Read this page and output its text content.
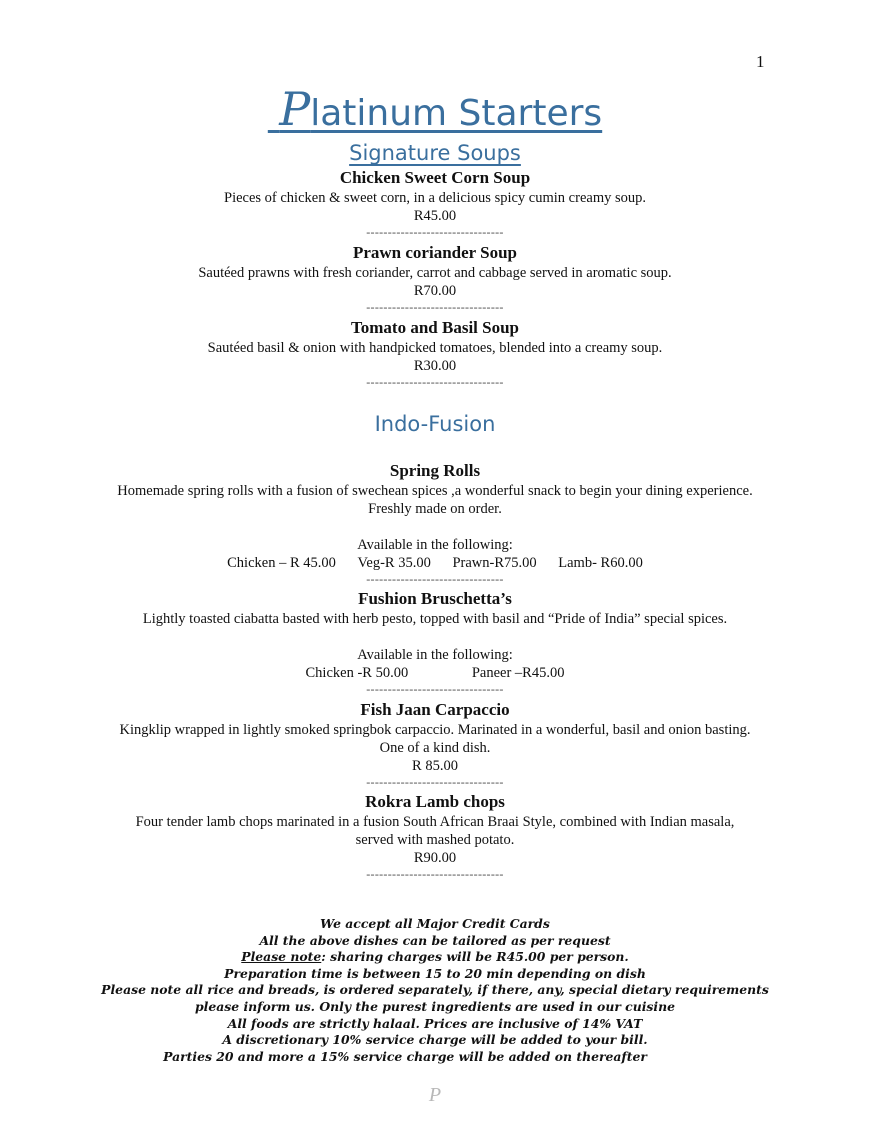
1
Platinum Starters
Signature Soups
Chicken Sweet Corn Soup
Pieces of chicken & sweet corn, in a delicious spicy cumin creamy soup.
R45.00
--------------------------------
Prawn coriander Soup
Sautéed prawns with fresh coriander, carrot and cabbage served in aromatic soup.
R70.00
--------------------------------
Tomato and Basil Soup
Sautéed basil & onion with handpicked tomatoes, blended into a creamy soup.
R30.00
--------------------------------
Indo-Fusion
Spring Rolls
Homemade spring rolls with a fusion of swechean spices ,a wonderful snack to begin your dining experience.
Freshly made on order.
Available in the following:
Chicken – R 45.00 Veg-R 35.00 Prawn-R75.00 Lamb- R60.00
--------------------------------
Fushion Bruschetta’s
Lightly toasted ciabatta basted with herb pesto, topped with basil and “Pride of India” special spices.
Available in the following:
Chicken -R 50.00	Paneer –R45.00
--------------------------------
Fish Jaan Carpaccio
Kingklip wrapped in lightly smoked springbok carpaccio. Marinated in a wonderful, basil and onion basting.
One of a kind dish.
R 85.00
--------------------------------
Rokra Lamb chops
Four tender lamb chops marinated in a fusion South African Braai Style, combined with Indian masala,
served with mashed potato.
R90.00
--------------------------------
We accept all Major Credit Cards
All the above dishes can be tailored as per request
Please note: sharing charges will be R45.00 per person.
Preparation time is between 15 to 20 min depending on dish
Please note all rice and breads, is ordered separately, if there, any, special dietary requirements
please inform us. Only the purest ingredients are used in our cuisine
All foods are strictly halaal. Prices are inclusive of 14% VAT
A discretionary 10% service charge will be added to your bill.
Parties 20 and more a 15% service charge will be added on thereafter
P
